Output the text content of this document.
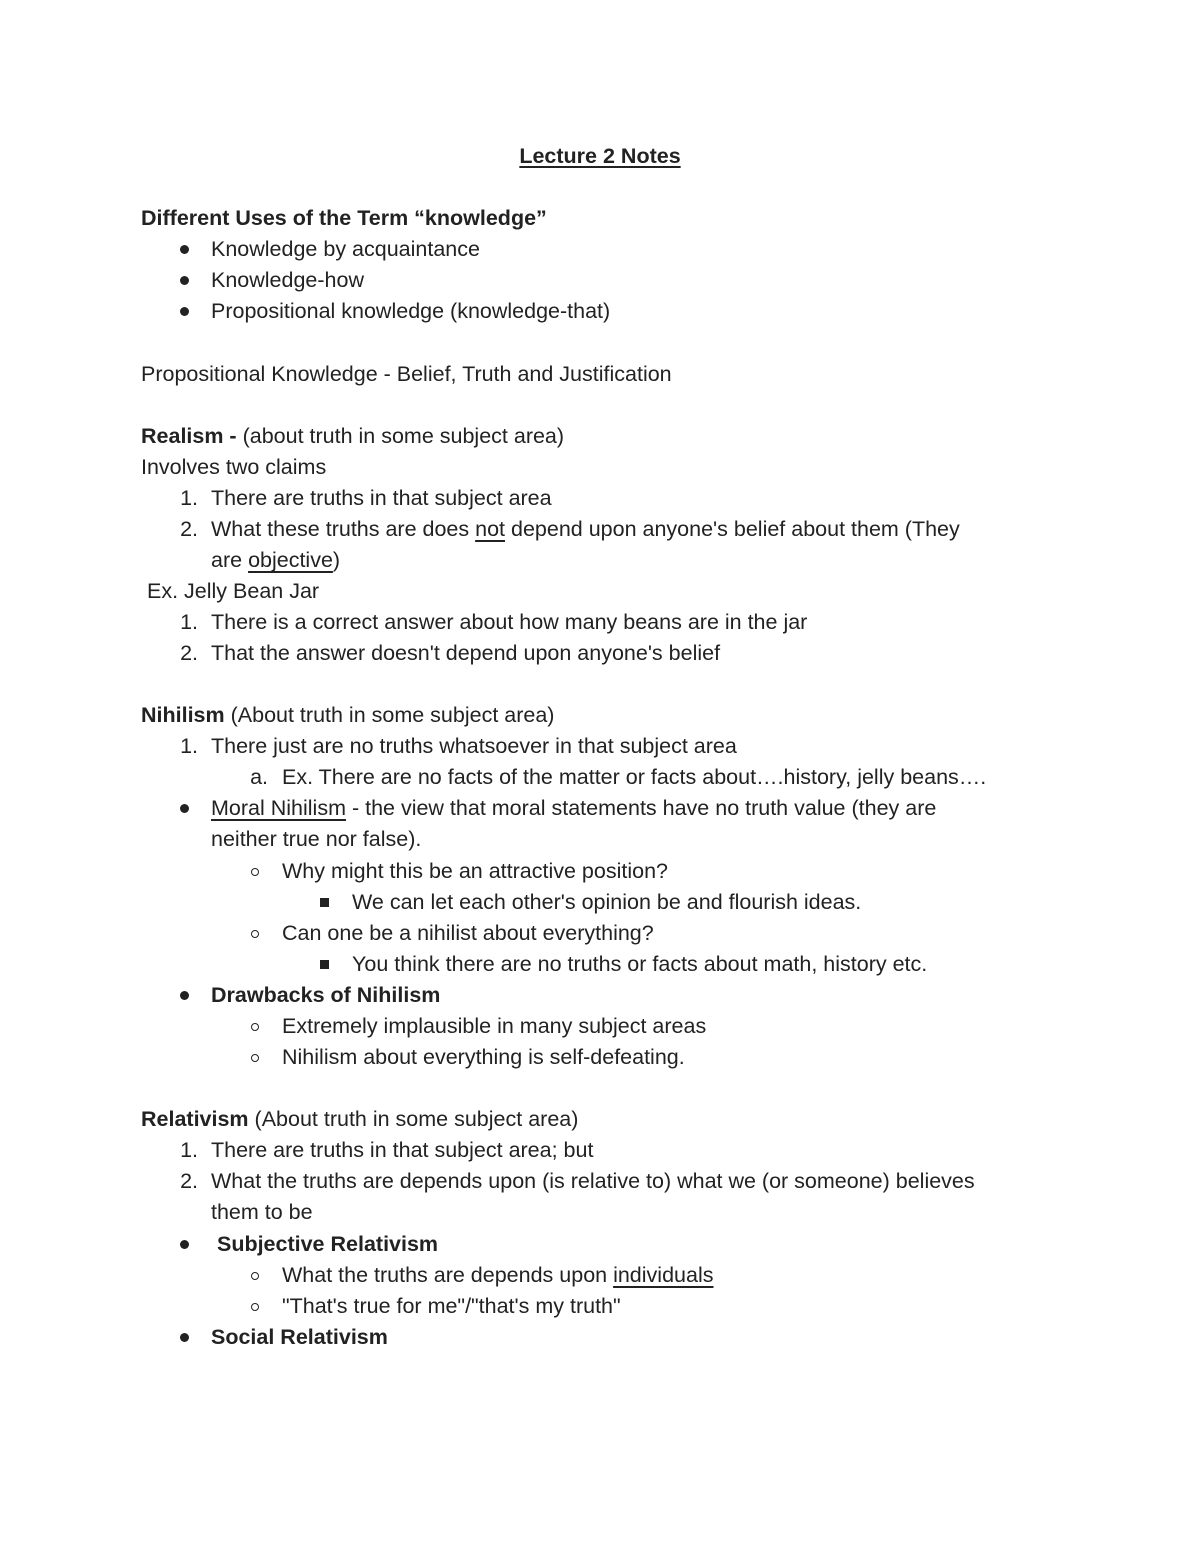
Lecture 2 Notes
Different Uses of the Term “knowledge”
Knowledge by acquaintance
Knowledge-how
Propositional knowledge (knowledge-that)
Propositional Knowledge - Belief, Truth and Justification
Realism - (about truth in some subject area)
Involves two claims
1. There are truths in that subject area
2. What these truths are does not depend upon anyone's belief about them (They
are objective)
Ex. Jelly Bean Jar
1. There is a correct answer about how many beans are in the jar
2. That the answer doesn't depend upon anyone's belief
Nihilism (About truth in some subject area)
1. There just are no truths whatsoever in that subject area
a. Ex. There are no facts of the matter or facts about….history, jelly beans….
Moral Nihilism - the view that moral statements have no truth value (they are
neither true nor false).
Why might this be an attractive position?
We can let each other's opinion be and flourish ideas.
Can one be a nihilist about everything?
You think there are no truths or facts about math, history etc.
Drawbacks of Nihilism
Extremely implausible in many subject areas
Nihilism about everything is self-defeating.
Relativism (About truth in some subject area)
1. There are truths in that subject area; but
2. What the truths are depends upon (is relative to) what we (or someone) believes
them to be
Subjective Relativism
What the truths are depends upon individuals
"That's true for me"/"that's my truth"
Social Relativism
